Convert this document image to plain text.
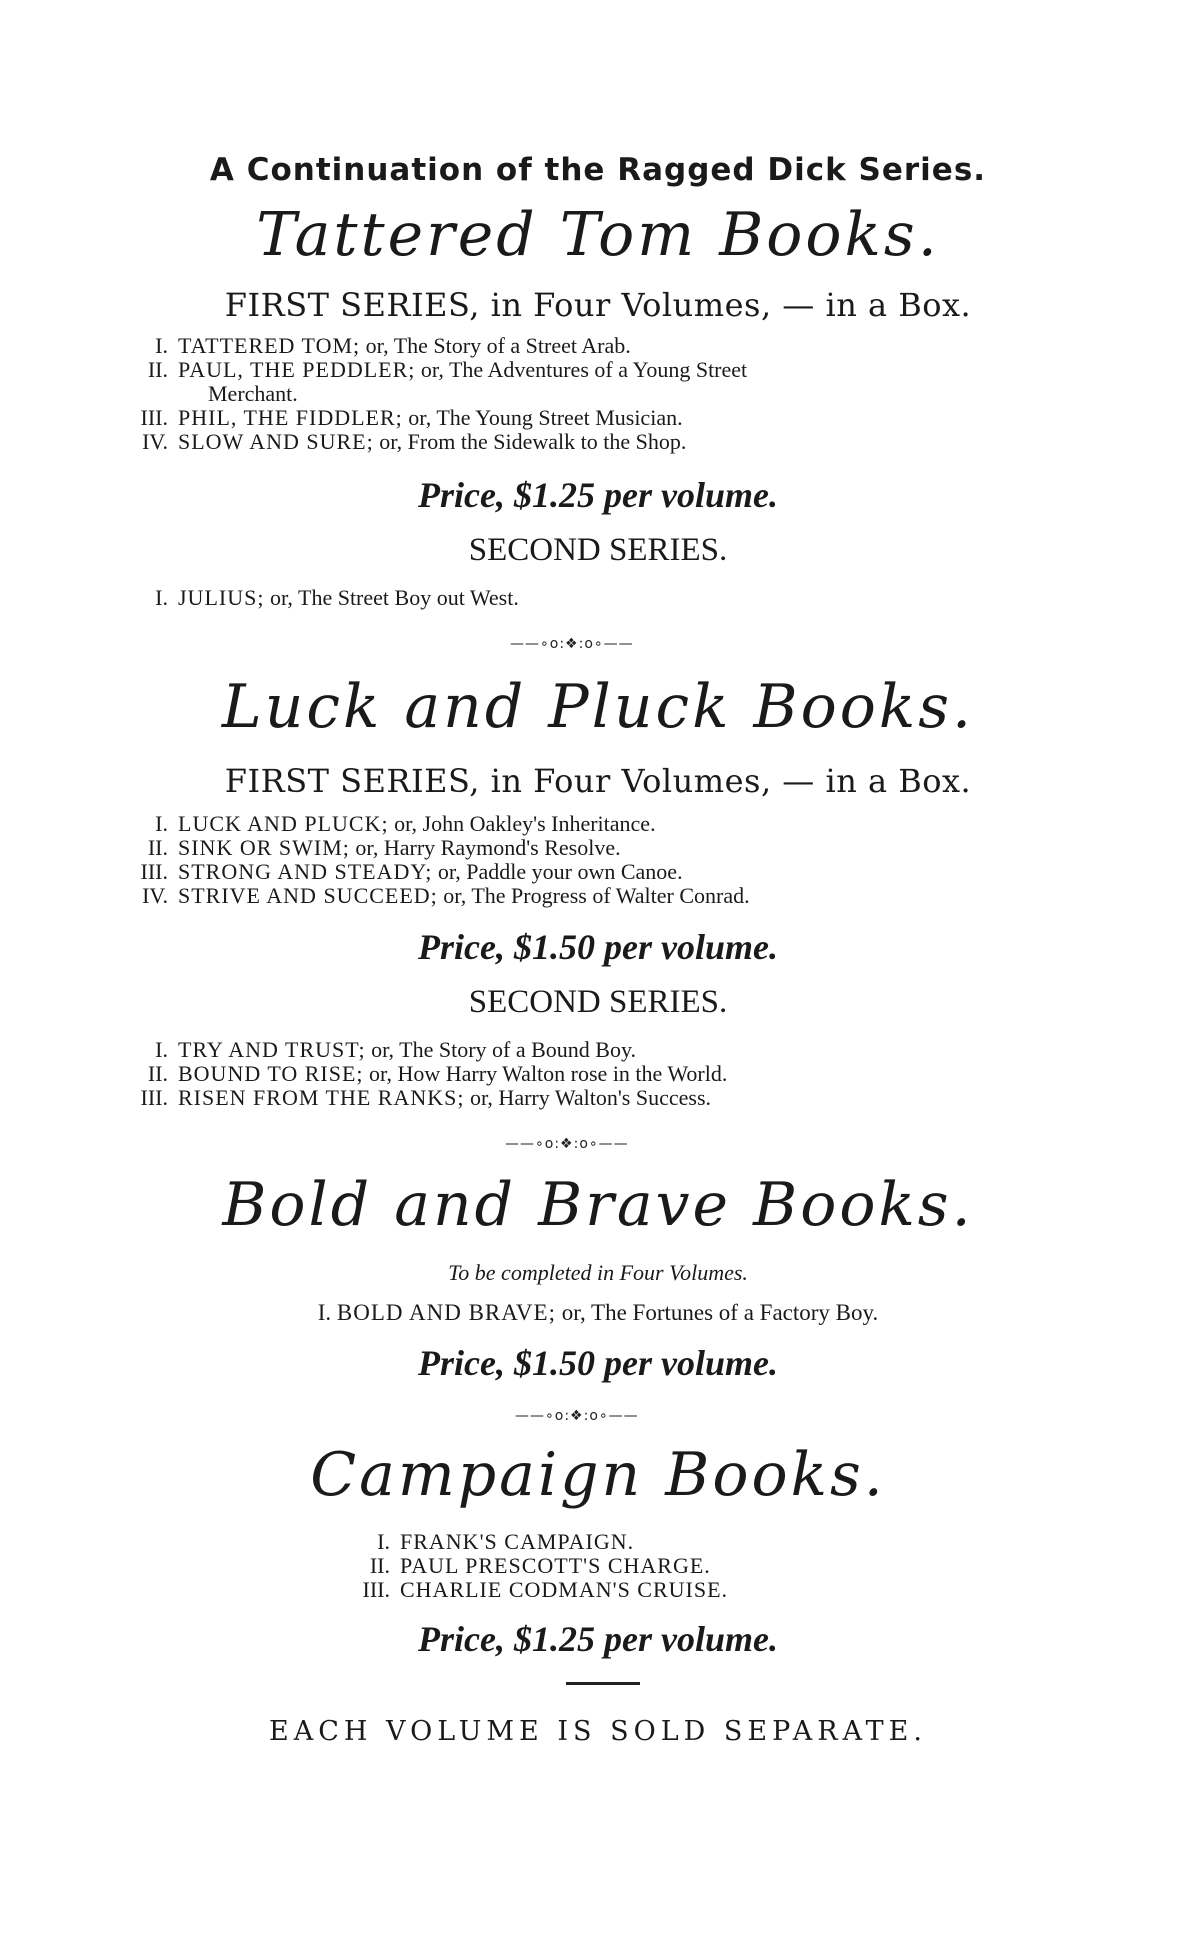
A Continuation of the Ragged Dick Series.
Tattered Tom Books.
FIRST SERIES, in Four Volumes, — in a Box.
I. TATTERED TOM;
or, The Story of a Street Arab.
II. PAUL, THE PEDDLER;
or, The Adventures of a Young Street
Merchant.
III. PHIL, THE FIDDLER;
or, The Young Street Musician.
IV. SLOW AND SURE;
or, From the Sidewalk to the Shop.
Price, $1.25 per volume.
SECOND SERIES.
I. JULIUS;
or, The Street Boy out West.
——∘o:❖:o∘——
Luck and Pluck Books.
FIRST SERIES, in Four Volumes, — in a Box.
I. LUCK AND PLUCK;
or, John Oakley's Inheritance.
II. SINK OR SWIM;
or, Harry Raymond's Resolve.
III. STRONG AND STEADY;
or, Paddle your own Canoe.
IV. STRIVE AND SUCCEED;
or, The Progress of Walter Conrad.
Price, $1.50 per volume.
SECOND SERIES.
I. TRY AND TRUST;
or, The Story of a Bound Boy.
II. BOUND TO RISE;
or, How Harry Walton rose in the World.
III. RISEN FROM THE RANKS;
or, Harry Walton's Success.
——∘o:❖:o∘——
Bold and Brave Books.
To be completed in Four Volumes.
I. BOLD AND BRAVE; or, The Fortunes of a Factory Boy.
Price, $1.50 per volume.
——∘o:❖:o∘——
Campaign Books.
I. FRANK'S CAMPAIGN.
II. PAUL PRESCOTT'S CHARGE.
III. CHARLIE CODMAN'S CRUISE.
Price, $1.25 per volume.
EACH VOLUME IS SOLD SEPARATE.
